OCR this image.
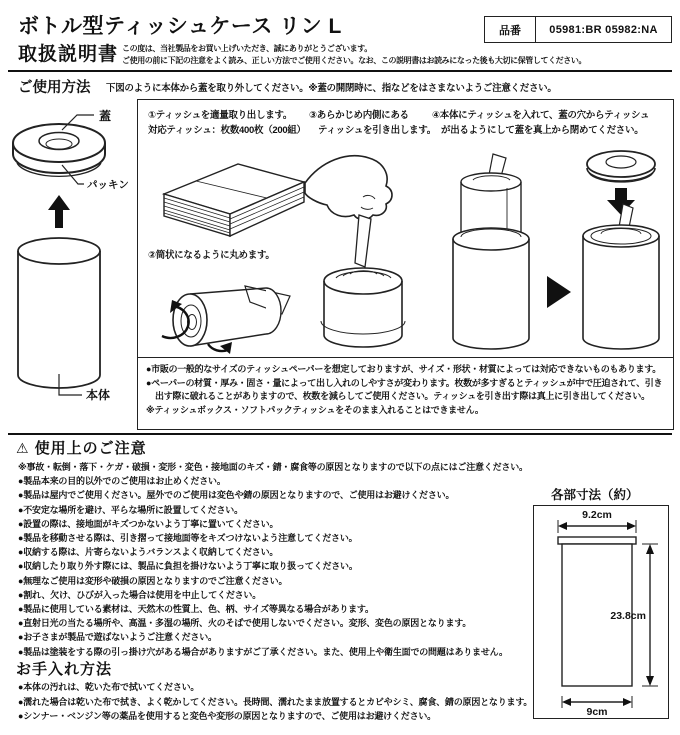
ボトル型ティッシュケース リン L	品番	05981:BR 05982:NA
取扱説明書 この度は、当社製品をお買い上げいただき、誠にありがとうございます。
ご使用の前に下記の注意をよく読み、正しい方法でご使用ください。なお、この説明書はお読みになった後も大切に保管してください。
ご使用方法 下図のように本体から蓋を取り外してください。※蓋の開閉時に、指などをはさまないようご注意ください。
蓋
パッキン
本体
①ティッシュを適量取り出します。
対応ティッシュ：枚数400枚（200組）
②筒状になるように丸めます。
③あらかじめ内側にある
ティッシュを引き出します。
④本体にティッシュを入れて、蓋の穴からティッシュ
が出るようにして蓋を真上から閉めてください。
●市販の一般的なサイズのティッシュペーパーを想定しておりますが、サイズ・形状・材質によっては対応できないものもあります。
●ペーパーの材質・厚み・固さ・量によって出し入れのしやすさが変わります。枚数が多すぎるとティッシュが中で圧迫されて、引き出す際に破れることがありますので、枚数を減らしてご使用ください。ティッシュを引き出す際は真上に引き出してください。
※ティッシュボックス・ソフトパックティッシュをそのまま入れることはできません。
⚠ 使用上のご注意
※事故・転倒・落下・ケガ・破損・変形・変色・接地面のキズ・錆・腐食等の原因となりますので以下の点にはご注意ください。
●製品本来の目的以外でのご使用はお止めください。
●製品は屋内でご使用ください。屋外でのご使用は変色や錆の原因となりますので、ご使用はお避けください。
●不安定な場所を避け、平らな場所に設置してください。
●設置の際は、接地面がキズつかないよう丁寧に置いてください。
●製品を移動させる際は、引き摺って接地面等をキズつけないよう注意してください。
●収納する際は、片寄らないようバランスよく収納してください。
●収納したり取り外す際には、製品に負担を掛けないよう丁寧に取り扱ってください。
●無理なご使用は変形や破損の原因となりますのでご注意ください。
●割れ、欠け、ひびが入った場合は使用を中止してください。
●製品に使用している素材は、天然木の性質上、色、柄、サイズ等異なる場合があります。
●直射日光の当たる場所や、高温・多湿の場所、火のそばで使用しないでください。変形、変色の原因となります。
●お子さまが製品で遊ばないようご注意ください。
●製品は塗装をする際の引っ掛け穴がある場合がありますがご了承ください。また、使用上や衛生面での問題はありません。
お手入れ方法
●本体の汚れは、乾いた布で拭いてください。
●濡れた場合は乾いた布で拭き、よく乾かしてください。長時間、濡れたまま放置するとカビやシミ、腐食、錆の原因となります。
●シンナー・ベンジン等の薬品を使用すると変色や変形の原因となりますので、ご使用はお避けください。
各部寸法（約）
9.2cm
23.8cm
9cm
